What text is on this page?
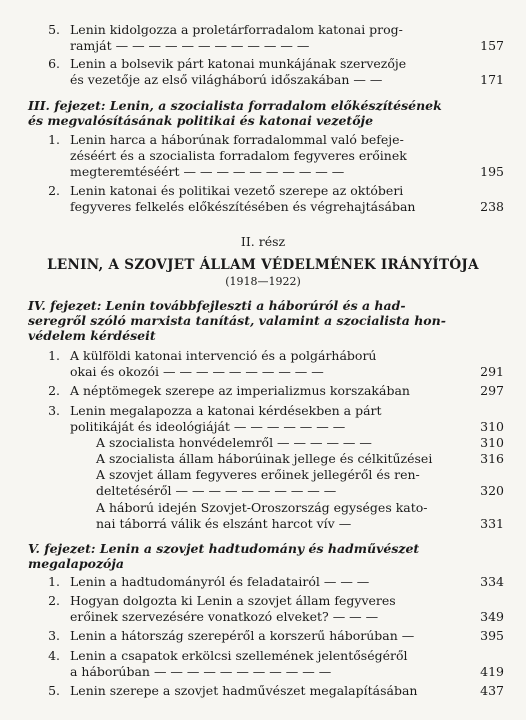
5. Lenin kidolgozza a proletárforradalom katonai prog-
ramját — — — — — — — — — — — —	157
6. Lenin a bolsevik párt katonai munkájának szervezője
és vezetője az első világháború időszakában — —	171
III. fejezet: Lenin, a szocialista forradalom előkészítésének
és megvalósításának politikai és katonai vezetője
1. Lenin harca a háborúnak forradalommal való befeje-
zéséért és a szocialista forradalom fegyveres erőinek
megteremtéséért — — — — — — — — — —	195
2. Lenin katonai és politikai vezető szerepe az októberi
fegyveres felkelés előkészítésében és végrehajtásában	238
II. rész
LENIN, A SZOVJET ÁLLAM VÉDELMÉNEK IRÁNYÍTÓJA
(1918—1922)
IV. fejezet: Lenin továbbfejleszti a háborúról és a had-
seregről szóló marxista tanítást, valamint a szocialista hon-
védelem kérdéseit
1. A külföldi katonai intervenció és a polgárháború
okai és okozói — — — — — — — — — —	291
2. A néptömegek szerepe az imperializmus korszakában	297
3. Lenin megalapozza a katonai kérdésekben a párt
politikáját és ideológiáját — — — — — — —	310
A szocialista honvédelemről — — — — — —	310
A szocialista állam háborúinak jellege és célkitűzései	316
A szovjet állam fegyveres erőinek jellegéről és ren-
deltetéséről — — — — — — — — — —	320
A háború idején Szovjet-Oroszország egységes kato-
nai táborrá válik és elszánt harcot vív —	331
V. fejezet: Lenin a szovjet hadtudomány és hadművészet
megalapozója
1. Lenin a hadtudományról és feladatairól — — —	334
2. Hogyan dolgozta ki Lenin a szovjet állam fegyveres
erőinek szervezésére vonatkozó elveket? — — —	349
3. Lenin a hátország szerepéről a korszerű háborúban —	395
4. Lenin a csapatok erkölcsi szellemének jelentőségéről
a háborúban — — — — — — — — — — —	419
5. Lenin szerepe a szovjet hadművészet megalapításában	437
